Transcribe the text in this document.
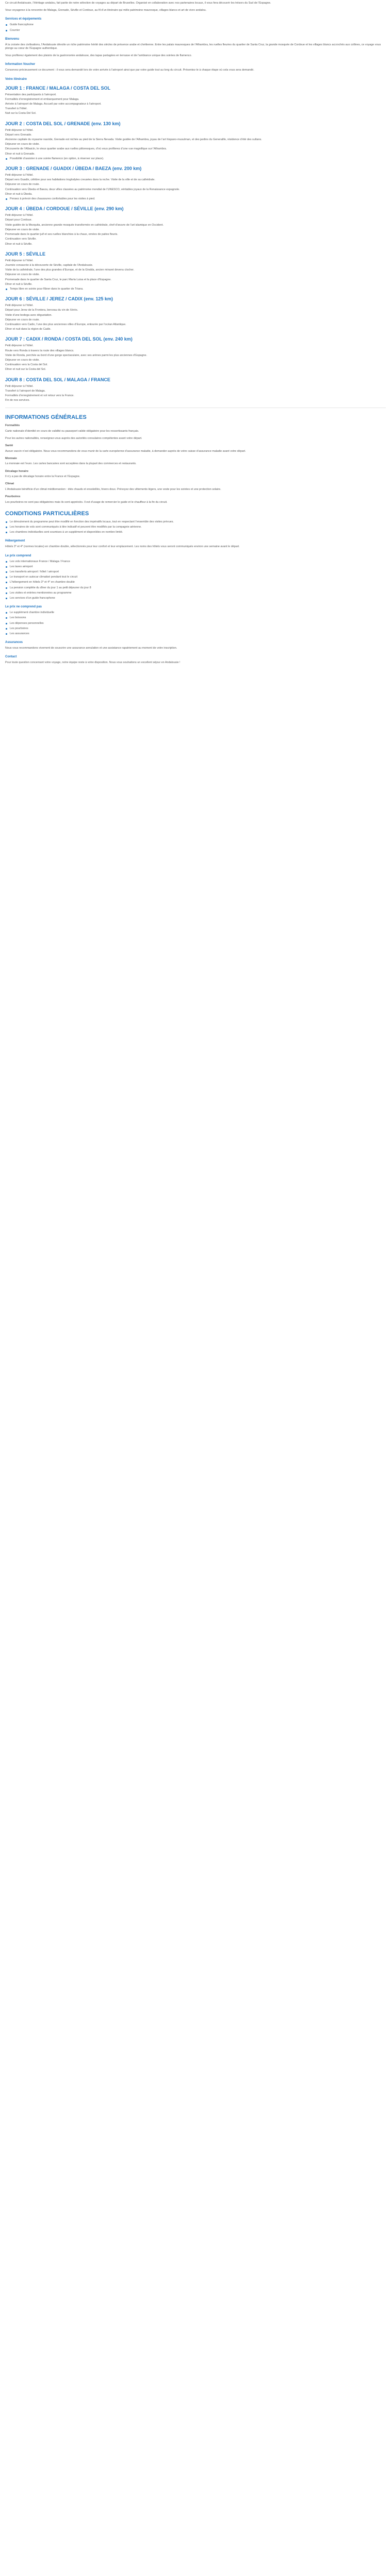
Ce circuit Andalousie, l’Héritage andalou, fait partie de notre sélection de voyages au départ de Bruxelles. Organisé en collaboration avec nos partenaires locaux, il vous fera découvrir les trésors du Sud de l’Espagne.

Vous voyagerez à la rencontre de Malaga, Grenade, Séville et Cordoue, au fil d’un itinéraire qui mêle patrimoine mauresque, villages blancs et art de vivre andalou.

Services et équipements
Guide francophone
Courrier
Bienvenu

À la croisée des civilisations, l’Andalousie dévoile un riche patrimoine hérité des siècles de présence arabe et chrétienne. Entre les palais mauresques de l’Alhambra, les ruelles fleuries du quartier de Santa Cruz, la grande mosquée de Cordoue et les villages blancs accrochés aux collines, ce voyage vous plonge au cœur de l’Espagne authentique.

Vous profiterez également des plaisirs de la gastronomie andalouse, des tapas partagées en terrasse et de l’ambiance unique des soirées de flamenco.

Information Voucher

Conservez précieusement ce document : il vous sera demandé lors de votre arrivée à l’aéroport ainsi que par votre guide tout au long du circuit. Présentez-le à chaque étape où cela vous sera demandé.

Votre itinéraire
JOUR 1 : FRANCE / MALAGA / COSTA DEL SOL
Présentation des participants à l’aéroport.
Formalités d’enregistrement et embarquement pour Malaga.
Arrivée à l’aéroport de Malaga. Accueil par votre accompagnateur à l’aéroport.
Transfert à l’hôtel.
Nuit sur la Costa Del Sol.
JOUR 2 : COSTA DEL SOL / GRENADE (env. 130 km)
Petit déjeuner à l’hôtel.
Départ vers Grenade.
Ancienne capitale du royaume nasride, Grenade est nichée au pied de la Sierra Nevada. Visite guidée de l’Alhambra, joyau de l’art hispano-musulman, et des jardins du Generalife, résidence d’été des sultans.
Déjeuner en cours de visite.
Découverte de l’Albaicín, le vieux quartier arabe aux ruelles pittoresques, d’où vous profiterez d’une vue magnifique sur l’Alhambra.
Dîner et nuit à Grenade.
Possibilité d’assister à une soirée flamenco (en option, à réserver sur place).
JOUR 3 : GRENADE / GUADIX / ÚBEDA / BAEZA (env. 200 km)
Petit déjeuner à l’hôtel.
Départ vers Guadix, célèbre pour ses habitations troglodytes creusées dans la roche. Visite de la ville et de sa cathédrale.
Déjeuner en cours de route.
Continuation vers Úbeda et Baeza, deux villes classées au patrimoine mondial de l’UNESCO, véritables joyaux de la Renaissance espagnole.
Dîner et nuit à Úbeda.
Pensez à prévoir des chaussures confortables pour les visites à pied.
JOUR 4 : ÚBEDA / CORDOUE / SÉVILLE (env. 290 km)
Petit déjeuner à l’hôtel.
Départ pour Cordoue.
Visite guidée de la Mezquita, ancienne grande mosquée transformée en cathédrale, chef-d’œuvre de l’art islamique en Occident.
Déjeuner en cours de visite.
Promenade dans le quartier juif et ses ruelles blanchies à la chaux, ornées de patios fleuris.
Continuation vers Séville.
Dîner et nuit à Séville.
JOUR 5 : SÉVILLE
Petit déjeuner à l’hôtel.
Journée consacrée à la découverte de Séville, capitale de l’Andalousie.
Visite de la cathédrale, l’une des plus grandes d’Europe, et de la Giralda, ancien minaret devenu clocher.
Déjeuner en cours de visite.
Promenade dans le quartier de Santa Cruz, le parc María Luisa et la place d’Espagne.
Dîner et nuit à Séville.
Temps libre en soirée pour flâner dans le quartier de Triana.
JOUR 6 : SÉVILLE / JEREZ / CADIX (env. 125 km)
Petit déjeuner à l’hôtel.
Départ pour Jerez de la Frontera, berceau du vin de Xérès.
Visite d’une bodega avec dégustation.
Déjeuner en cours de route.
Continuation vers Cadix, l’une des plus anciennes villes d’Europe, entourée par l’océan Atlantique.
Dîner et nuit dans la région de Cadix.
JOUR 7 : CADIX / RONDA / COSTA DEL SOL (env. 240 km)
Petit déjeuner à l’hôtel.
Route vers Ronda à travers la route des villages blancs.
Visite de Ronda, perchée au bord d’une gorge spectaculaire, avec ses arènes parmi les plus anciennes d’Espagne.
Déjeuner en cours de visite.
Continuation vers la Costa del Sol.
Dîner et nuit sur la Costa del Sol.
JOUR 8 : COSTA DEL SOL / MALAGA / FRANCE
Petit déjeuner à l’hôtel.
Transfert à l’aéroport de Malaga.
Formalités d’enregistrement et vol retour vers la France.
Fin de nos services.
INFORMATIONS GÉNÉRALES
Formalités

Carte nationale d’identité en cours de validité ou passeport valide obligatoire pour les ressortissants français.

Pour les autres nationalités, renseignez-vous auprès des autorités consulaires compétentes avant votre départ.

Santé

Aucun vaccin n’est obligatoire. Nous vous recommandons de vous munir de la carte européenne d’assurance maladie, à demander auprès de votre caisse d’assurance maladie avant votre départ.

Monnaie

La monnaie est l’euro. Les cartes bancaires sont acceptées dans la plupart des commerces et restaurants.

Décalage horaire

Il n’y a pas de décalage horaire entre la France et l’Espagne.

Climat

L’Andalousie bénéficie d’un climat méditerranéen : étés chauds et ensoleillés, hivers doux. Prévoyez des vêtements légers, une veste pour les soirées et une protection solaire.

Pourboires

Les pourboires ne sont pas obligatoires mais ils sont appréciés. Il est d’usage de remercier le guide et le chauffeur à la fin du circuit.

CONDITIONS PARTICULIÈRES
Le déroulement du programme peut être modifié en fonction des impératifs locaux, tout en respectant l’ensemble des visites prévues.
Les horaires de vols sont communiqués à titre indicatif et peuvent être modifiés par la compagnie aérienne.
Les chambres individuelles sont soumises à un supplément et disponibles en nombre limité.
Hébergement

Hôtels 3* et 4* (normes locales) en chambre double, sélectionnés pour leur confort et leur emplacement. Les noms des hôtels vous seront communiqués environ une semaine avant le départ.

Le prix comprend
Les vols internationaux France / Malaga / France
Les taxes aéroport
Les transferts aéroport / hôtel / aéroport
Le transport en autocar climatisé pendant tout le circuit
L’hébergement en hôtels 3* et 4* en chambre double
La pension complète du dîner du jour 1 au petit déjeuner du jour 8
Les visites et entrées mentionnées au programme
Les services d’un guide francophone
Le prix ne comprend pas
Le supplément chambre individuelle
Les boissons
Les dépenses personnelles
Les pourboires
Les assurances
Assurances

Nous vous recommandons vivement de souscrire une assurance annulation et une assistance rapatriement au moment de votre inscription.

Contact

Pour toute question concernant votre voyage, notre équipe reste à votre disposition. Nous vous souhaitons un excellent séjour en Andalousie !
